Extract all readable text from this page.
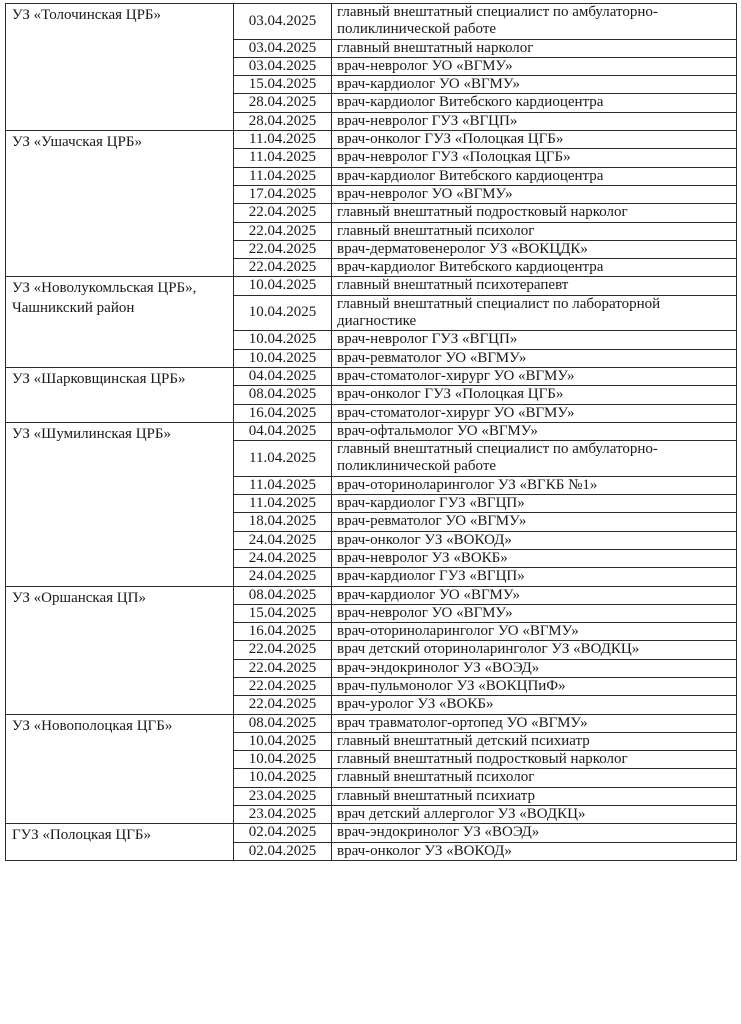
УЗ «Толочинская ЦРБ»	03.04.2025	главный внештатный специалист по амбулаторно-поликлинической работе
	03.04.2025	главный внештатный нарколог
	03.04.2025	врач-невролог УО «ВГМУ»
	15.04.2025	врач-кардиолог УО «ВГМУ»
	28.04.2025	врач-кардиолог Витебского кардиоцентра
	28.04.2025	врач-невролог ГУЗ «ВГЦП»
УЗ «Ушачская ЦРБ»	11.04.2025	врач-онколог ГУЗ «Полоцкая ЦГБ»
	11.04.2025	врач-невролог ГУЗ «Полоцкая ЦГБ»
	11.04.2025	врач-кардиолог Витебского кардиоцентра
	17.04.2025	врач-невролог УО «ВГМУ»
	22.04.2025	главный внештатный подростковый нарколог
	22.04.2025	главный внештатный психолог
	22.04.2025	врач-дерматовенеролог УЗ «ВОКЦДК»
	22.04.2025	врач-кардиолог Витебского кардиоцентра
УЗ «Новолукомльская ЦРБ», Чашникский район	10.04.2025	главный внештатный психотерапевт
	10.04.2025	главный внештатный специалист по лабораторной диагностике
	10.04.2025	врач-невролог ГУЗ «ВГЦП»
	10.04.2025	врач-ревматолог УО «ВГМУ»
УЗ «Шарковщинская ЦРБ»	04.04.2025	врач-стоматолог-хирург УО «ВГМУ»
	08.04.2025	врач-онколог ГУЗ «Полоцкая ЦГБ»
	16.04.2025	врач-стоматолог-хирург УО «ВГМУ»
УЗ «Шумилинская ЦРБ»	04.04.2025	врач-офтальмолог УО «ВГМУ»
	11.04.2025	главный внештатный специалист по амбулаторно-поликлинической работе
	11.04.2025	врач-оториноларинголог УЗ «ВГКБ №1»
	11.04.2025	врач-кардиолог ГУЗ «ВГЦП»
	18.04.2025	врач-ревматолог УО «ВГМУ»
	24.04.2025	врач-онколог УЗ «ВОКОД»
	24.04.2025	врач-невролог УЗ «ВОКБ»
	24.04.2025	врач-кардиолог ГУЗ «ВГЦП»
УЗ «Оршанская ЦП»	08.04.2025	врач-кардиолог УО «ВГМУ»
	15.04.2025	врач-невролог УО «ВГМУ»
	16.04.2025	врач-оториноларинголог УО «ВГМУ»
	22.04.2025	врач детский оториноларинголог УЗ «ВОДКЦ»
	22.04.2025	врач-эндокринолог УЗ «ВОЭД»
	22.04.2025	врач-пульмонолог УЗ «ВОКЦПиФ»
	22.04.2025	врач-уролог УЗ «ВОКБ»
УЗ «Новополоцкая ЦГБ»	08.04.2025	врач травматолог-ортопед УО «ВГМУ»
	10.04.2025	главный внештатный детский психиатр
	10.04.2025	главный внештатный подростковый нарколог
	10.04.2025	главный внештатный психолог
	23.04.2025	главный внештатный психиатр
	23.04.2025	врач детский аллерголог УЗ «ВОДКЦ»
ГУЗ «Полоцкая ЦГБ»	02.04.2025	врач-эндокринолог УЗ «ВОЭД»
	02.04.2025	врач-онколог УЗ «ВОКОД»
